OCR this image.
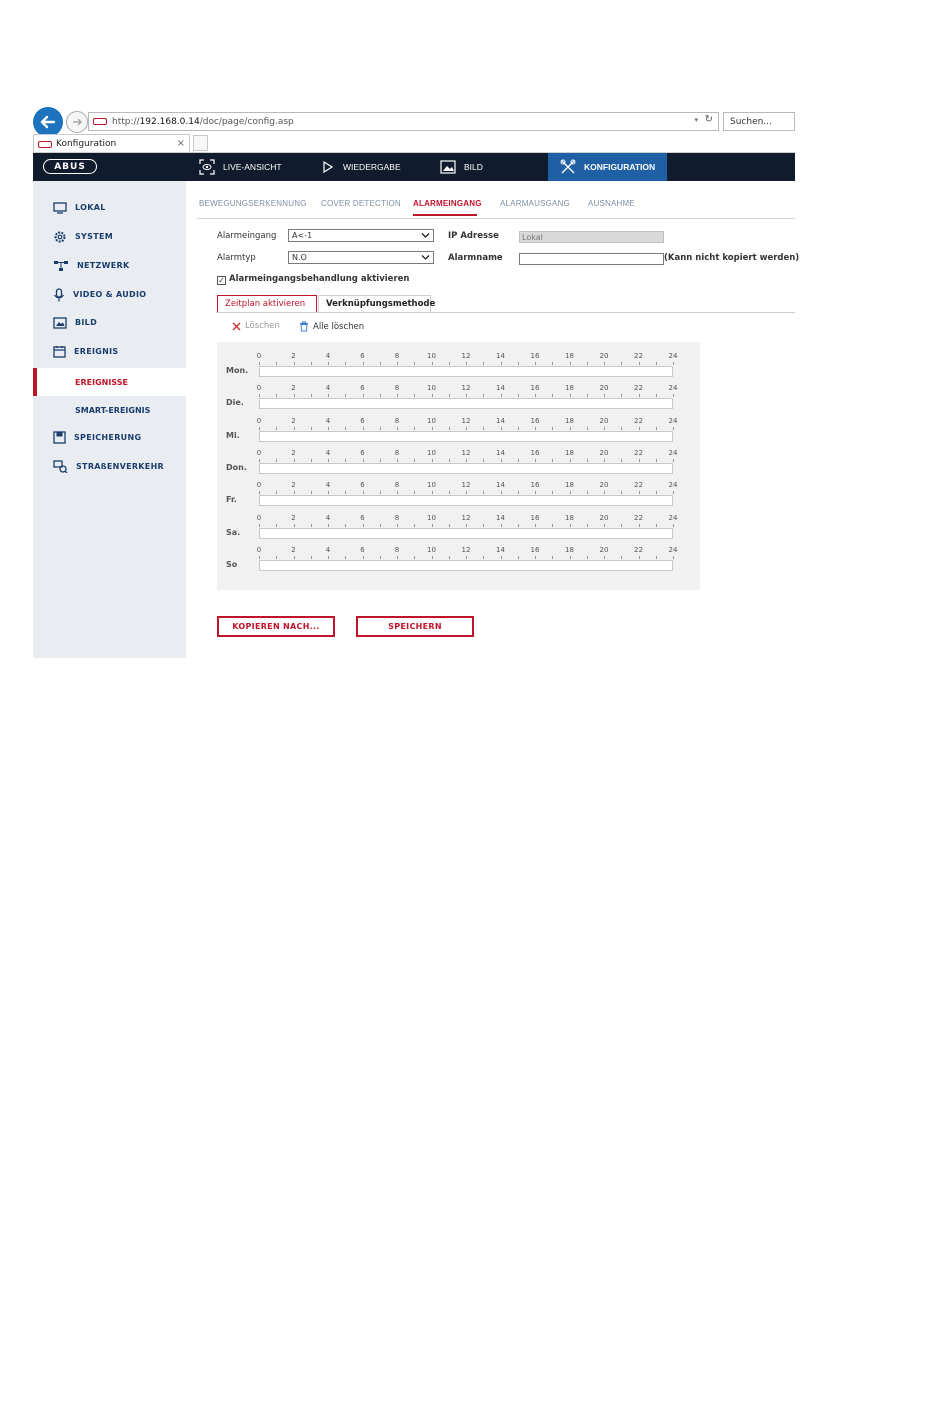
http:// 192.168.0.14 /doc/page/config.asp	▾ ↻	Suchen...
Konfiguration	×
ABUS	LIVE-ANSICHT	WIEDERGABE	BILD	KONFIGURATION
LOKAL
SYSTEM
NETZWERK
VIDEO & AUDIO
BILD
EREIGNIS
EREIGNISSE
SMART-EREIGNIS
SPEICHERUNG
STRAßENVERKEHR
BEWEGUNGSERKENNUNG COVER DETECTION ALARMEINGANG ALARMAUSGANG AUSNAHME
Alarmeingang A<-1
Alarmtyp	N.O
IP Adresse	Lokal
Alarmname	(Kann nicht kopiert werden)
✓ Alarmeingangsbehandlung aktivieren
Zeitplan aktivieren Verknüpfungsmethode
Löschen	Alle löschen
Mon.
0	2	4	6	8	10	12	14	16	18	20	22	24
Die.
0	2	4	6	8	10	12	14	16	18	20	22	24
Mi.
0	2	4	6	8	10	12	14	16	18	20	22	24
Don.
0	2	4	6	8	10	12	14	16	18	20	22	24
Fr.
0	2	4	6	8	10	12	14	16	18	20	22	24
Sa.
0	2	4	6	8	10	12	14	16	18	20	22	24
So
0	2	4	6	8	10	12	14	16	18	20	22	24
KOPIEREN NACH...	SPEICHERN
